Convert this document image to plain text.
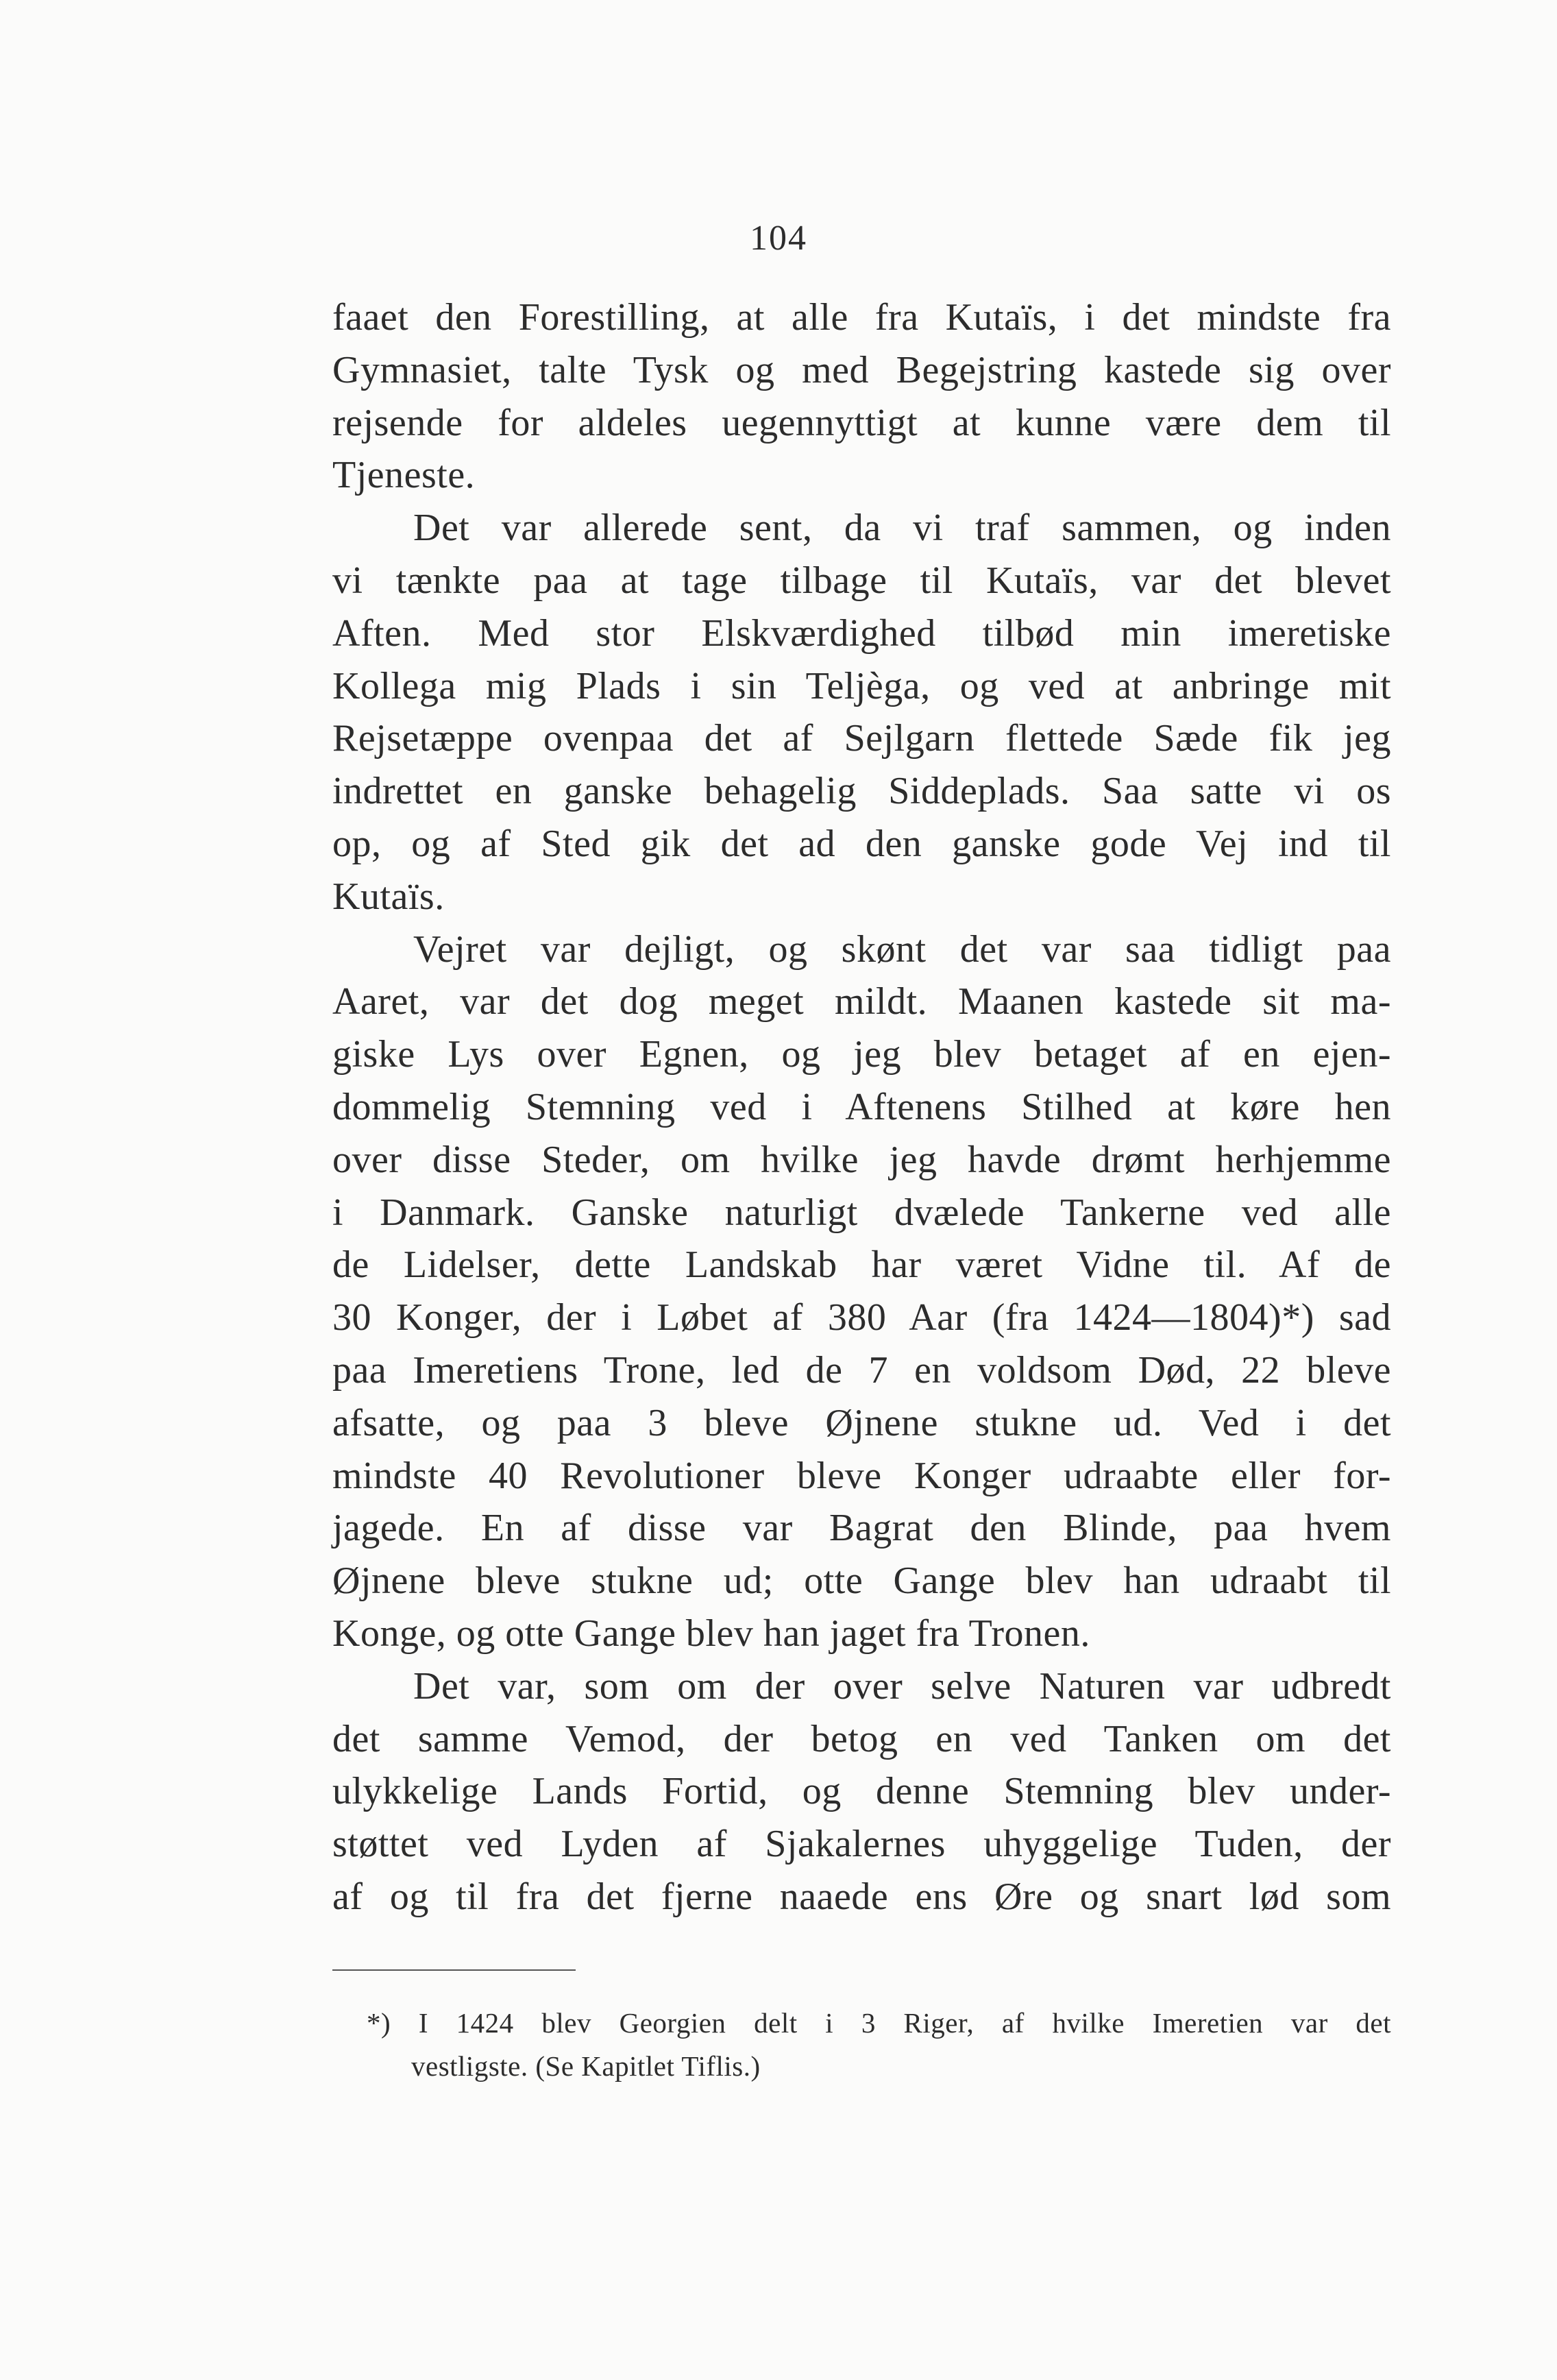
104
faaet den Forestilling, at alle fra Kutaïs, i det mindste fra
Gymnasiet, talte Tysk og med Begejstring kastede sig over
rejsende for aldeles uegennyttigt at kunne være dem til
Tjeneste.
Det var allerede sent, da vi traf sammen, og inden
vi tænkte paa at tage tilbage til Kutaïs, var det blevet
Aften. Med stor Elskværdighed tilbød min imeretiske
Kollega mig Plads i sin Teljèga, og ved at anbringe mit
Rejsetæppe ovenpaa det af Sejlgarn flettede Sæde fik jeg
indrettet en ganske behagelig Siddeplads. Saa satte vi os
op, og af Sted gik det ad den ganske gode Vej ind til
Kutaïs.
Vejret var dejligt, og skønt det var saa tidligt paa
Aaret, var det dog meget mildt. Maanen kastede sit ma-
giske Lys over Egnen, og jeg blev betaget af en ejen-
dommelig Stemning ved i Aftenens Stilhed at køre hen
over disse Steder, om hvilke jeg havde drømt herhjemme
i Danmark. Ganske naturligt dvælede Tankerne ved alle
de Lidelser, dette Landskab har været Vidne til. Af de
30 Konger, der i Løbet af 380 Aar (fra 1424—1804)*) sad
paa Imeretiens Trone, led de 7 en voldsom Død, 22 bleve
afsatte, og paa 3 bleve Øjnene stukne ud. Ved i det
mindste 40 Revolutioner bleve Konger udraabte eller for-
jagede. En af disse var Bagrat den Blinde, paa hvem
Øjnene bleve stukne ud; otte Gange blev han udraabt til
Konge, og otte Gange blev han jaget fra Tronen.
Det var, som om der over selve Naturen var udbredt
det samme Vemod, der betog en ved Tanken om det
ulykkelige Lands Fortid, og denne Stemning blev under-
støttet ved Lyden af Sjakalernes uhyggelige Tuden, der
af og til fra det fjerne naaede ens Øre og snart lød som
*) I 1424 blev Georgien delt i 3 Riger, af hvilke Imeretien var det
vestligste. (Se Kapitlet Tiflis.)
